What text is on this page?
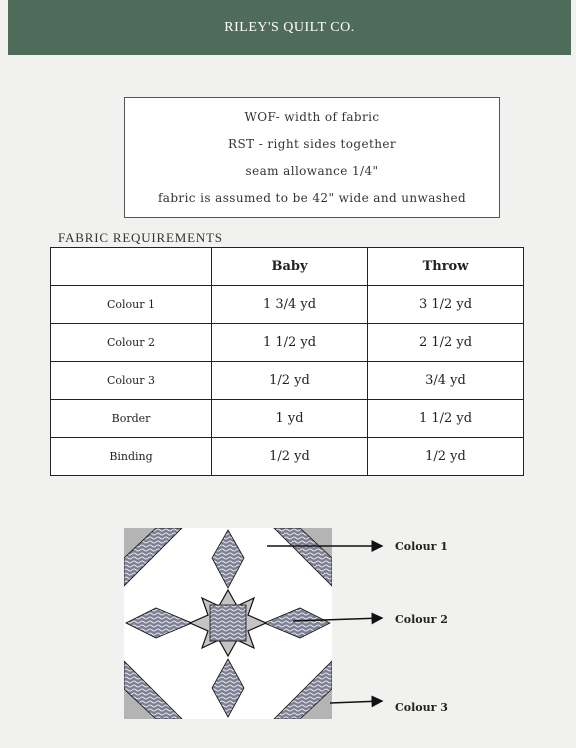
RILEY'S QUILT CO.
WOF- width of fabric
RST - right sides together
seam allowance 1/4"
fabric is assumed to be 42" wide and unwashed
FABRIC REQUIREMENTS
	Baby	Throw
Colour 1	1 3/4 yd	3 1/2 yd
Colour 2	1 1/2 yd	2 1/2 yd
Colour 3	1/2 yd	3/4 yd
Border	1 yd	1 1/2 yd
Binding	1/2 yd	1/2 yd
Colour 1
Colour 2
Colour 3
